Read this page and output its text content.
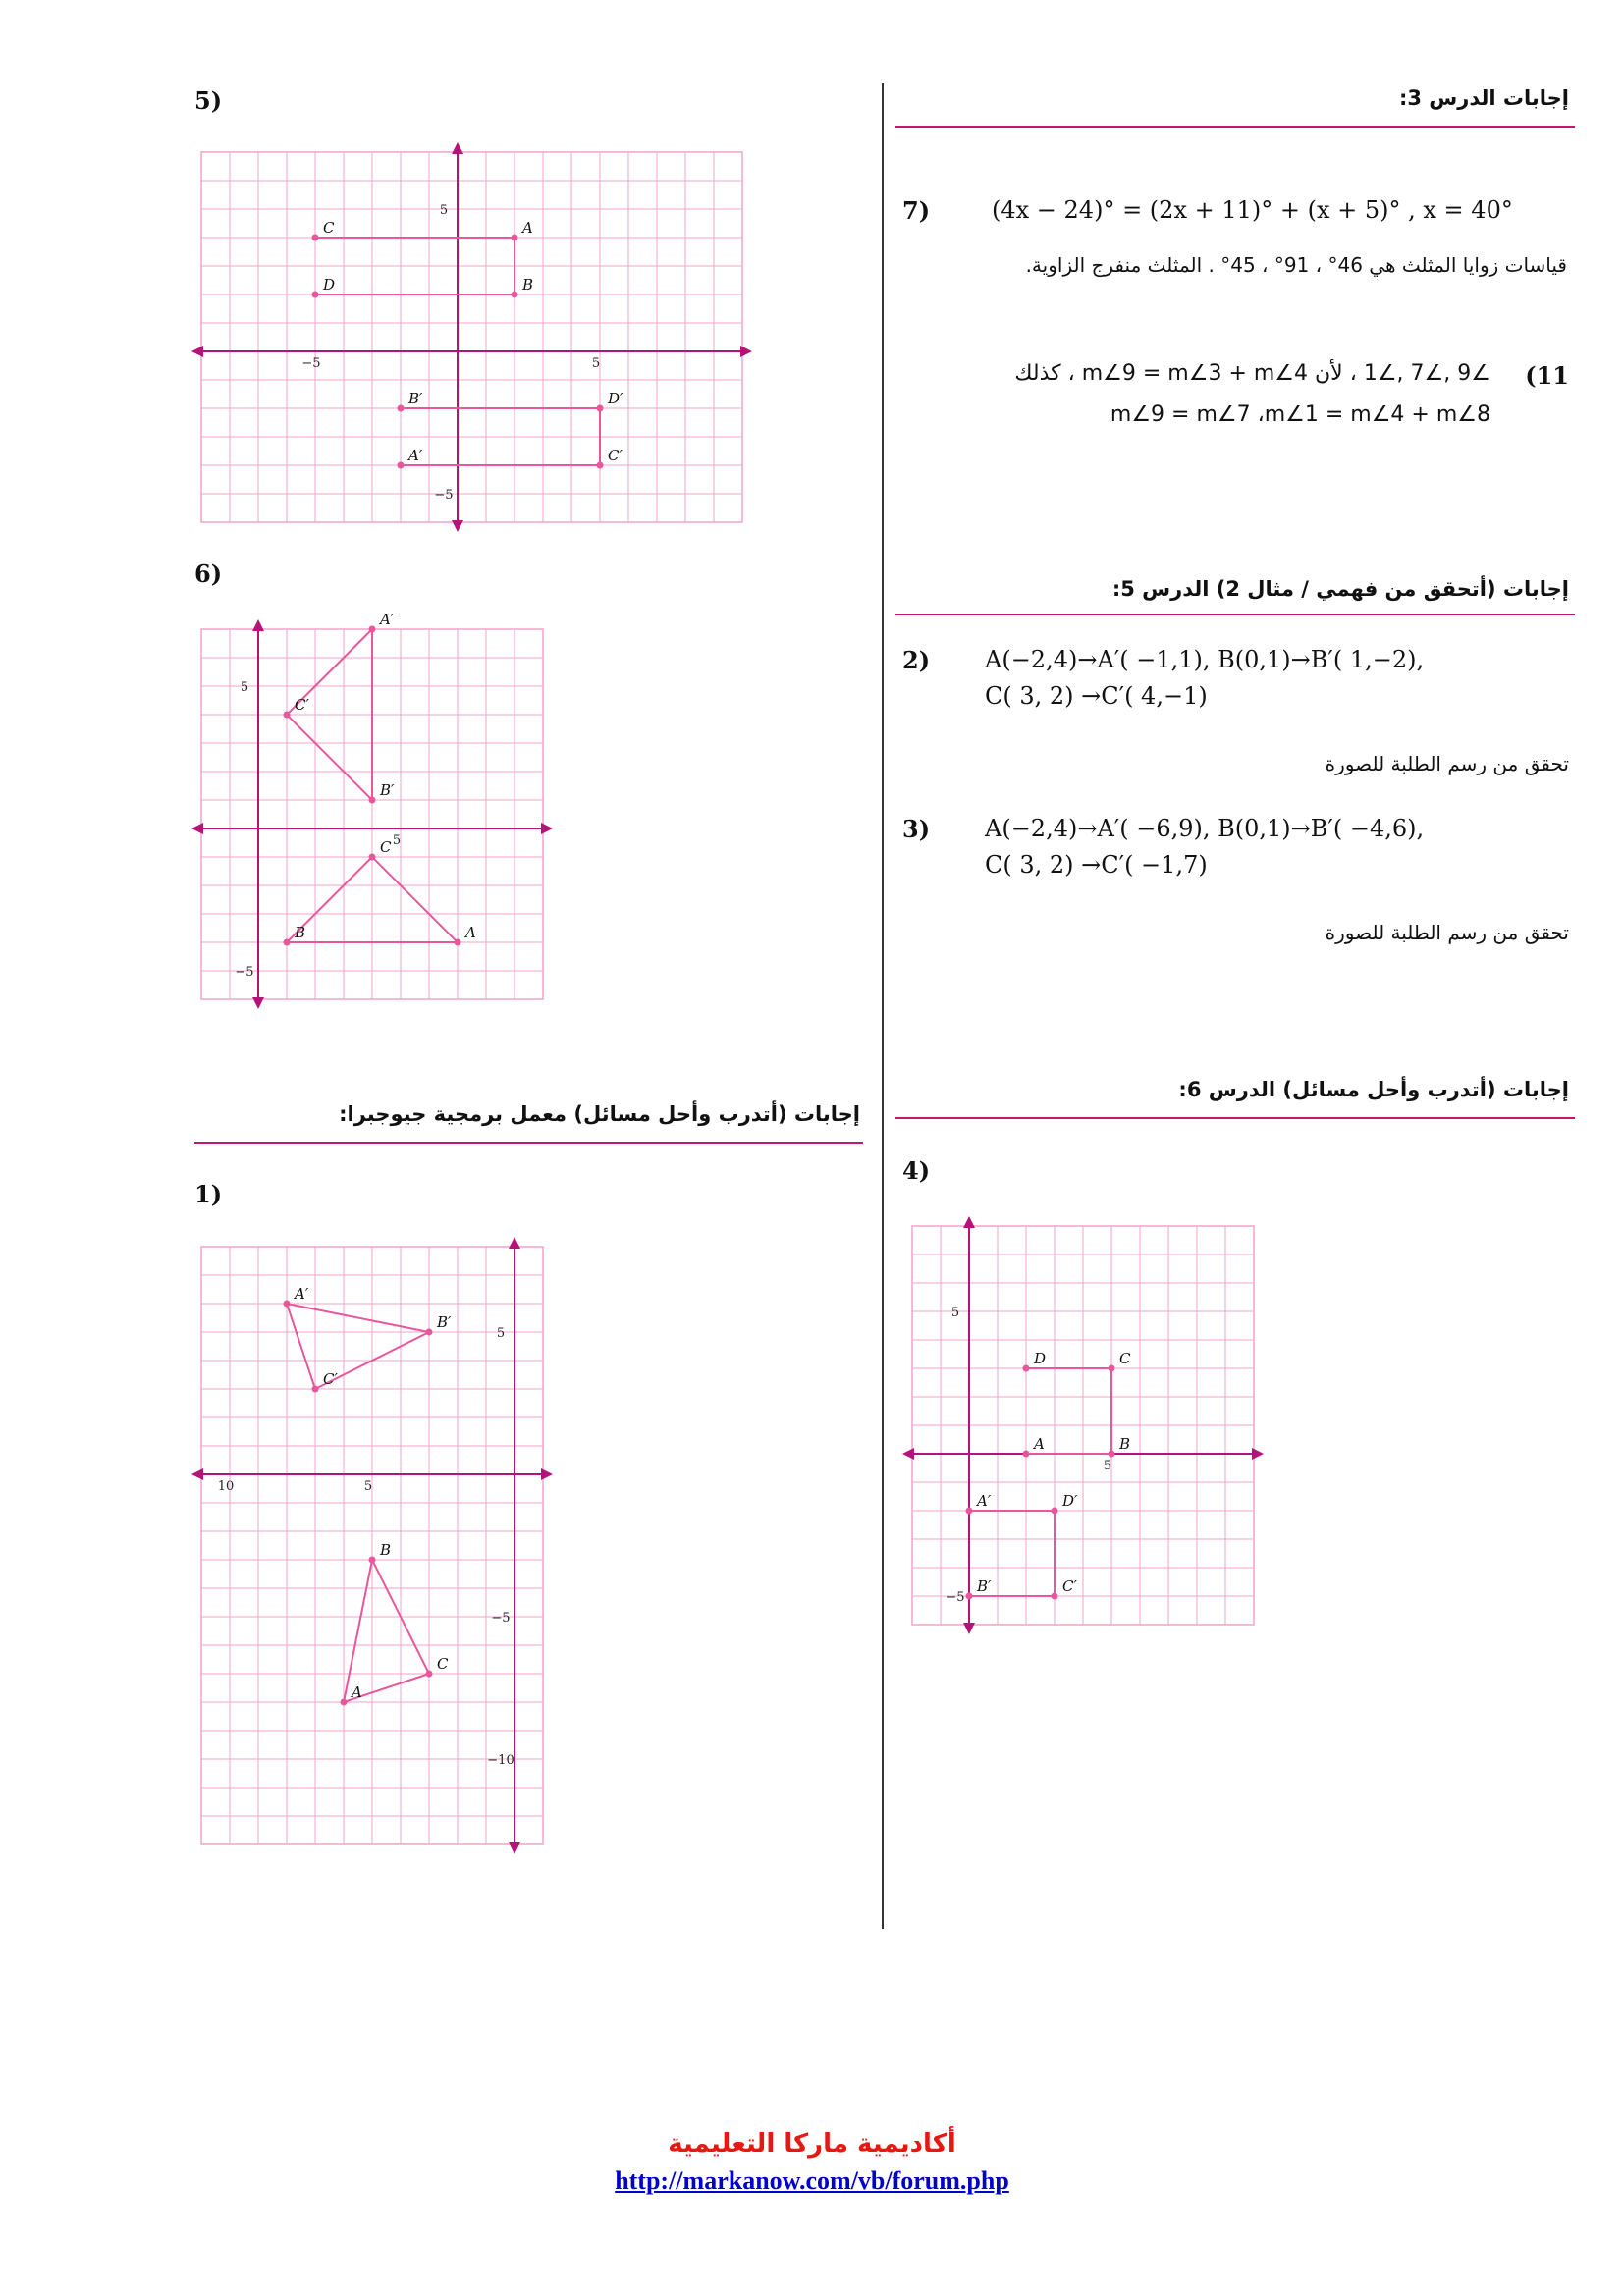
إجابات الدرس 3:
7)	(4x − 24)° = (2x + 11)° + (x + 5)° , x = 40°
قياسات زوايا المثلث هي 46° ، 91° ، 45° . المثلث منفرج الزاوية.
11)
∠9 ,∠7 ,∠1 ، لأن m∠9 = m∠3 + m∠4 ، كذلك
m∠9 = m∠7 ،m∠1 = m∠4 + m∠8
إجابات (أتحقق من فهمي / مثال 2) الدرس 5:
2) A(−2,4)→A′( −1,1), B(0,1)→B′( 1,−2),
C( 3, 2) →C′( 4,−1)
تحقق من رسم الطلبة للصورة
3) A(−2,4)→A′( −6,9), B(0,1)→B′( −4,6),
C( 3, 2) →C′( −1,7)
تحقق من رسم الطلبة للصورة
إجابات (أتدرب وأحل مسائل) الدرس 6:
4)
5)
6)
إجابات (أتدرب وأحل مسائل) معمل برمجية جيوجبرا:
1)
5
−5	5
−5
C	A
B
D
B′	D′
C′
A′
5
5
−5
A′
C′
B′
C
A
B
5
10	5
−5
−10
A′
B′
C′
B
C
A
5
5
−5
D	C
B
A
A′	D′
C′
B′
أكاديمية ماركا التعليمية
http://markanow.com/vb/forum.php
